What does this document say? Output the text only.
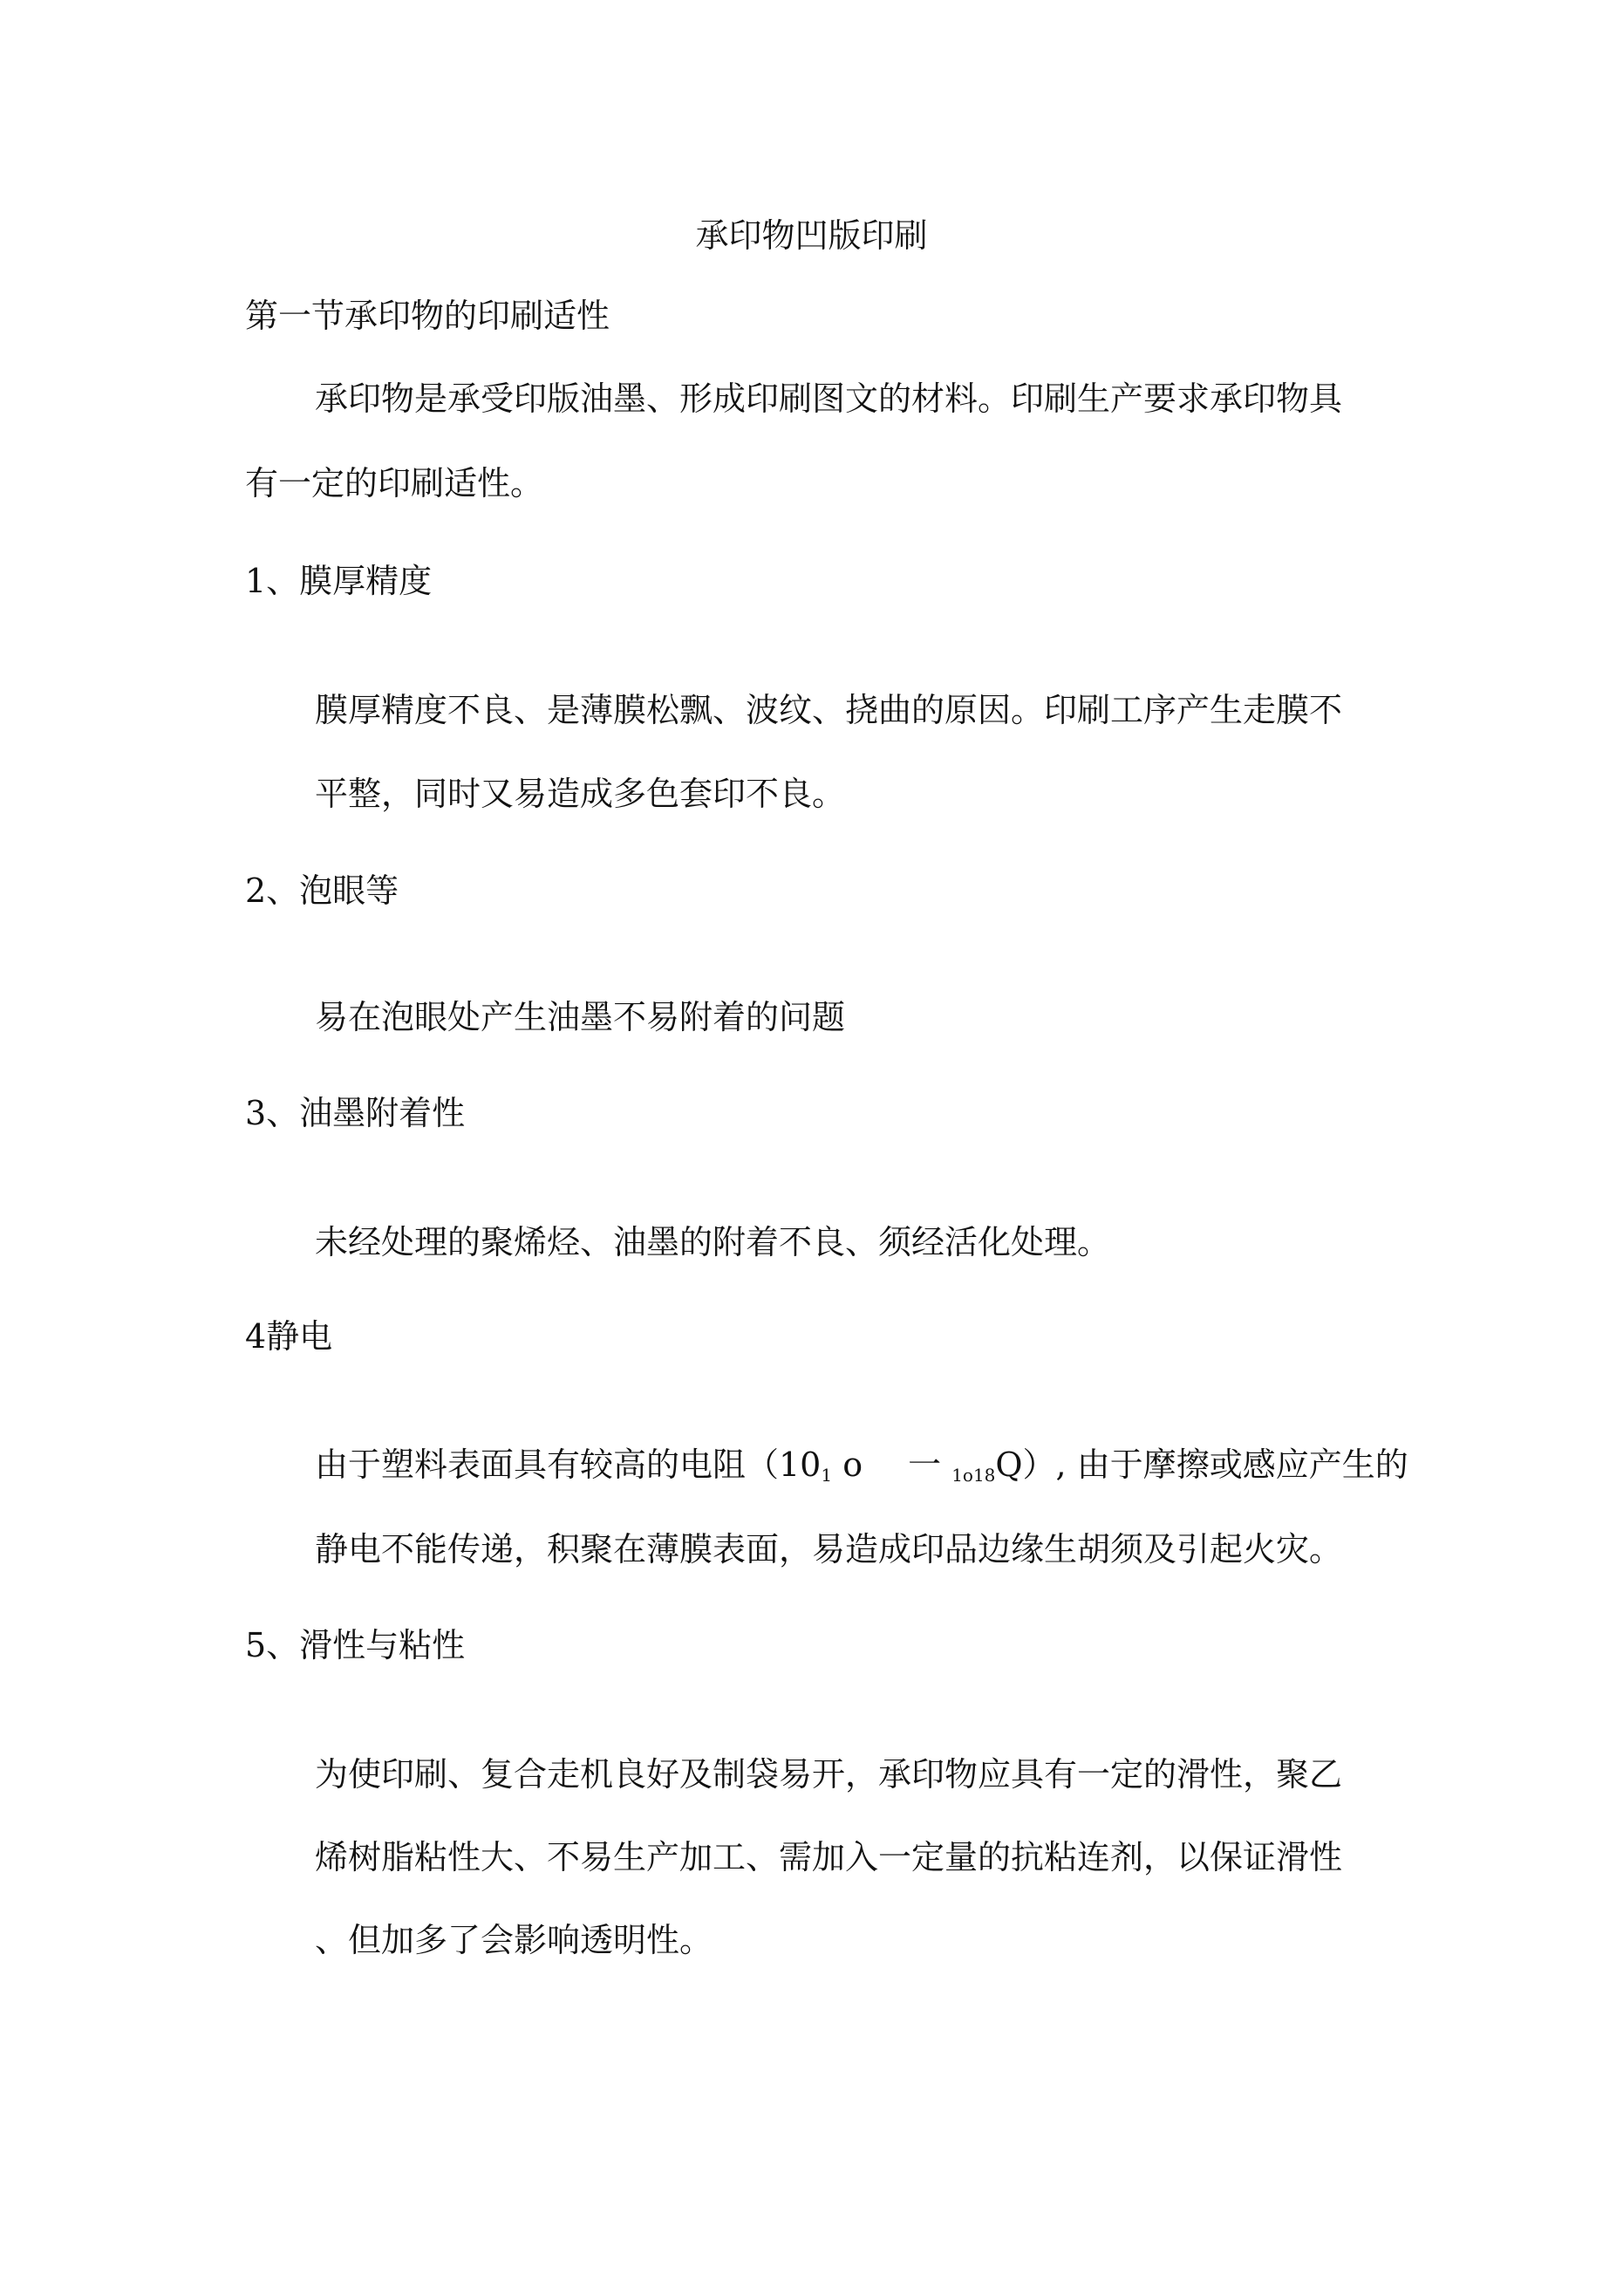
承印物凹版印刷
第一节承印物的印刷适性
承印物是承受印版油墨、形成印刷图文的材料。印刷生产要求承印物具
有一定的印刷适性。
1、膜厚精度
膜厚精度不良、是薄膜松飘、波纹、挠曲的原因。印刷工序产生走膜不
平整，同时又易造成多色套印不良。
2、泡眼等
易在泡眼处产生油墨不易附着的问题
3、油墨附着性
未经处理的聚烯烃、油墨的附着不良、须经活化处理。
4静电
由于塑料表面具有较高的电阻（101 o 一 1o18Q）, 由于摩擦或感应产生的
静电不能传递，积聚在薄膜表面，易造成印品边缘生胡须及引起火灾。
5、滑性与粘性
为使印刷、复合走机良好及制袋易开，承印物应具有一定的滑性，聚乙
烯树脂粘性大、不易生产加工、需加入一定量的抗粘连剂，以保证滑性
、但加多了会影响透明性。
